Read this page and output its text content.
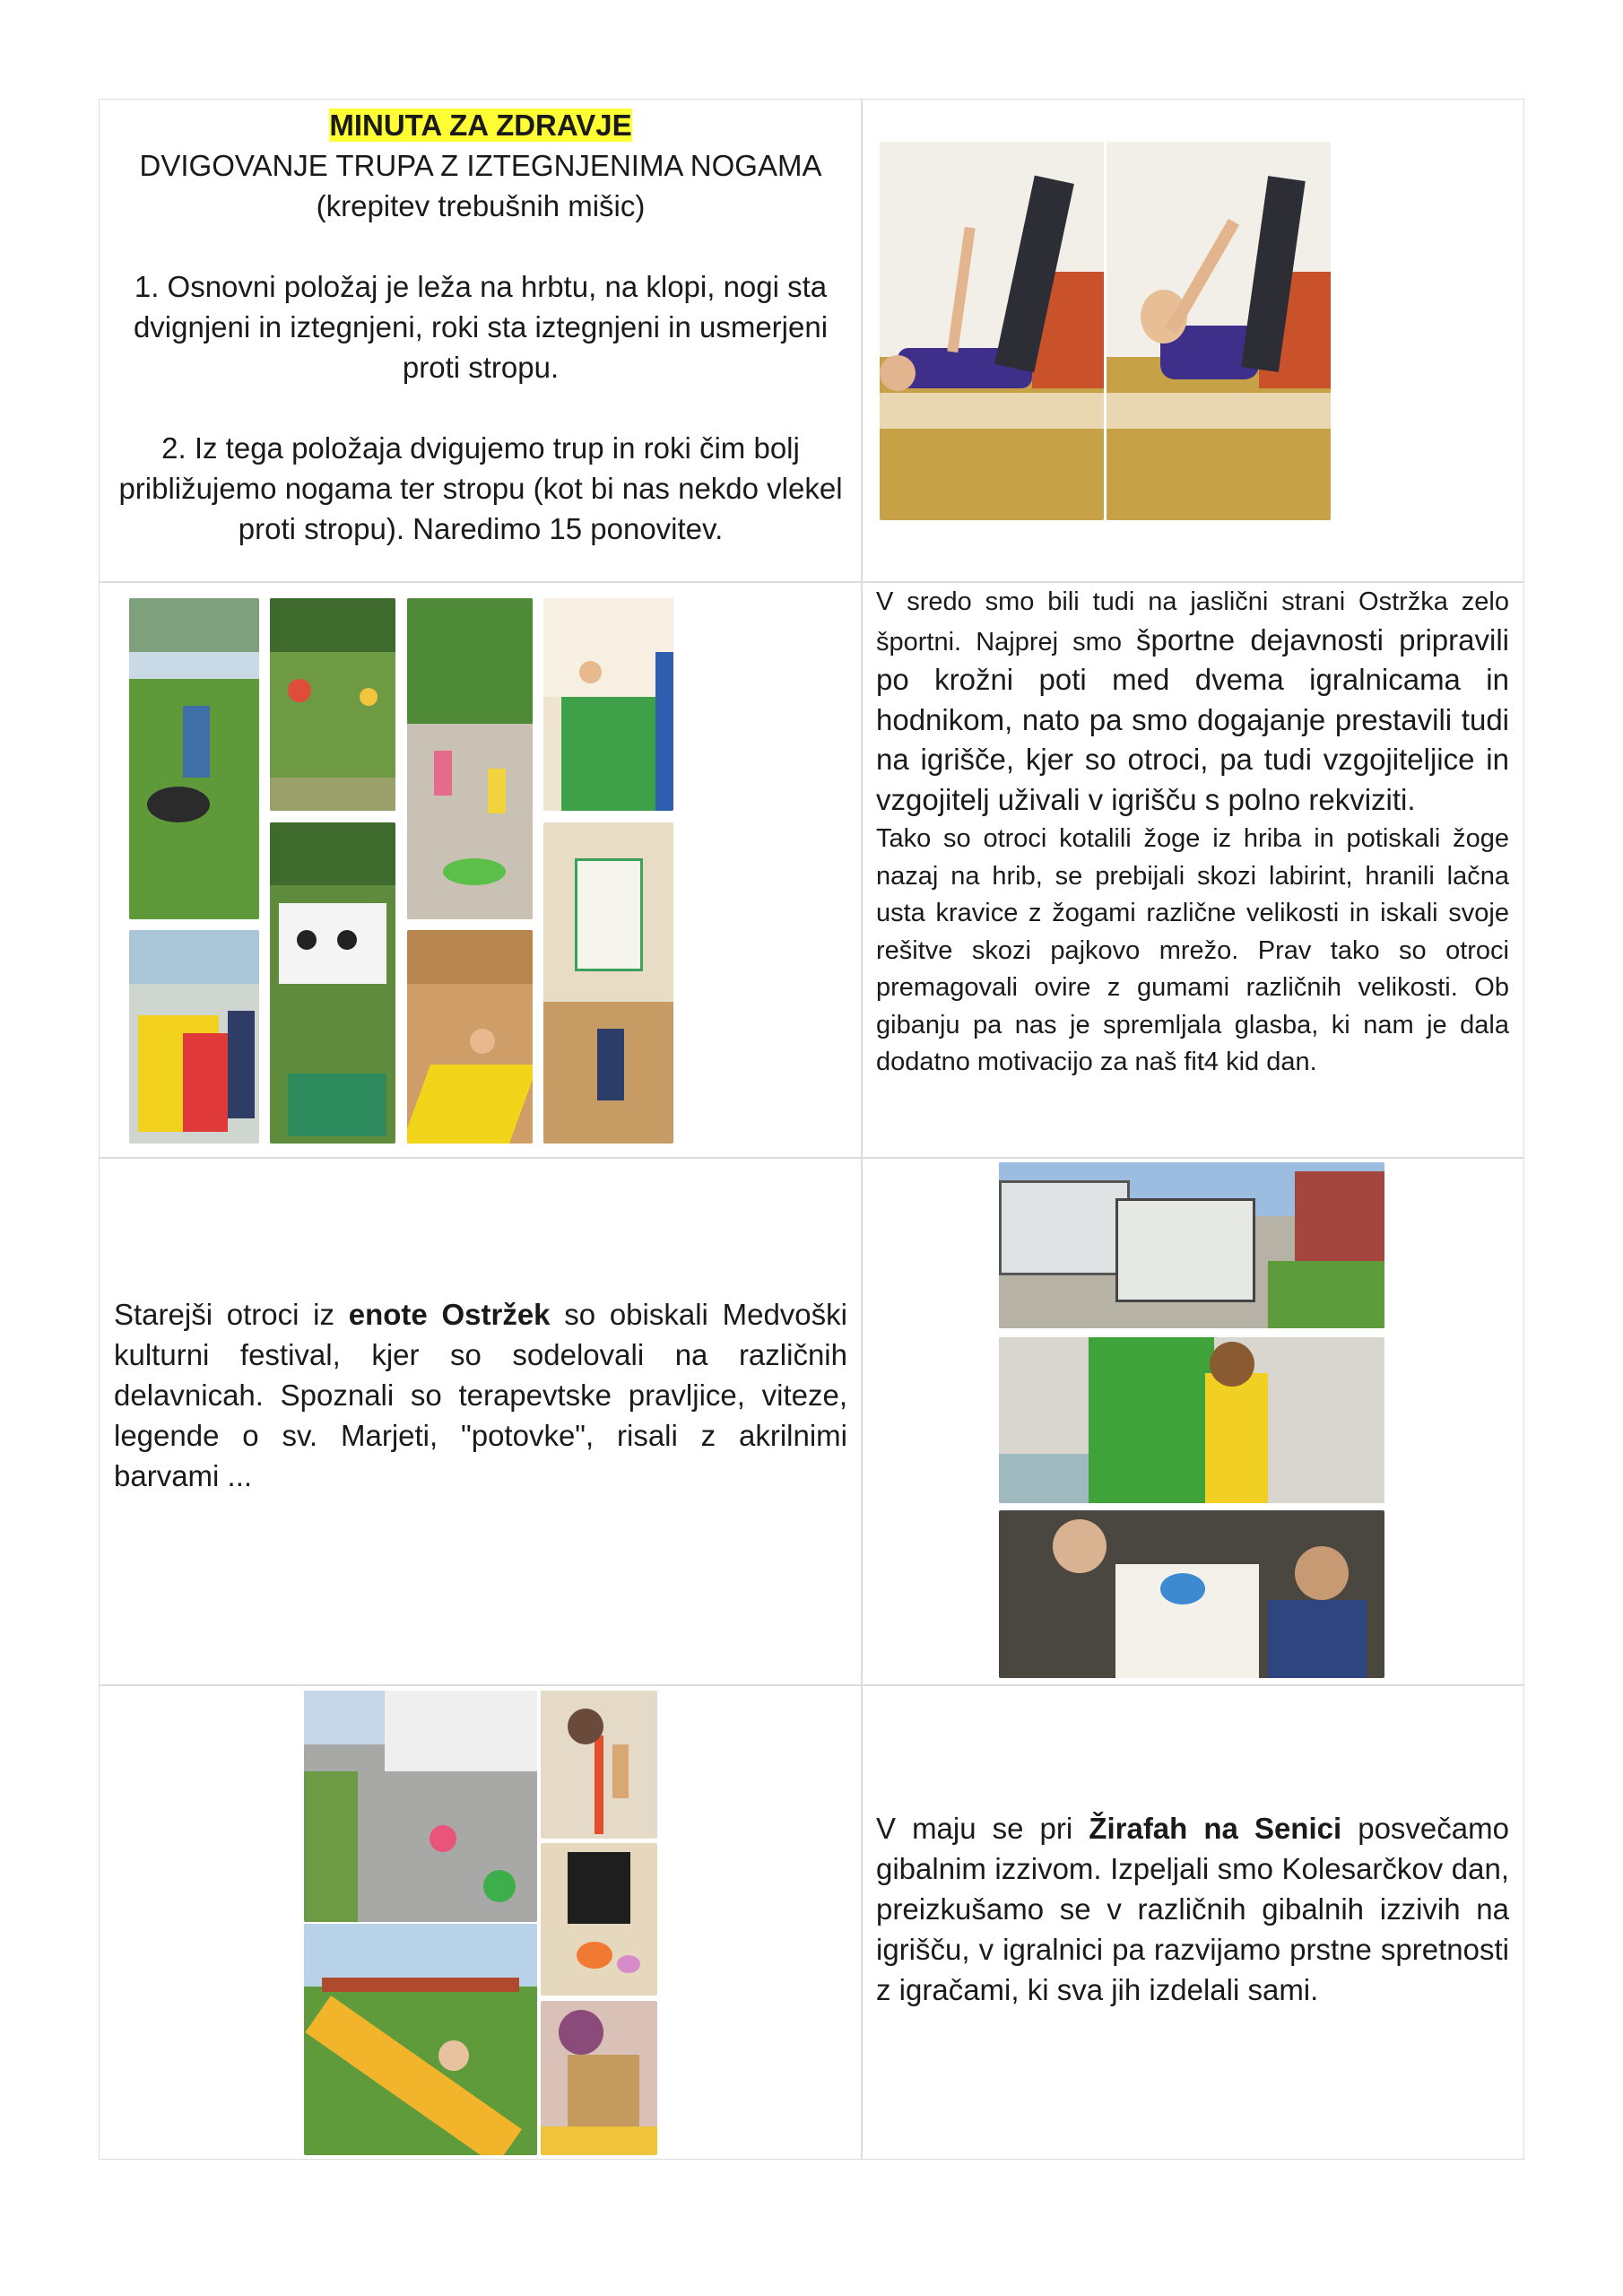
MINUTA ZA ZDRAVJE
DVIGOVANJE TRUPA Z IZTEGNJENIMA NOGAMA
(krepitev trebušnih mišic)
1. Osnovni položaj je leža na hrbtu, na klopi, nogi sta dvignjeni in iztegnjeni, roki sta iztegnjeni in usmerjeni proti stropu.
2. Iz tega položaja dvigujemo trup in roki čim bolj približujemo nogama ter stropu (kot bi nas nekdo vlekel proti stropu). Naredimo 15 ponovitev.
V sredo smo bili tudi na jaslični strani Ostržka zelo športni. Najprej smo športne dejavnosti pripravili po krožni poti med dvema igralnicama in hodnikom, nato pa smo dogajanje prestavili tudi na igrišče, kjer so otroci, pa tudi vzgojiteljice in vzgojitelj uživali v igrišču s polno rekviziti.
Tako so otroci kotalili žoge iz hriba in potiskali žoge nazaj na hrib, se prebijali skozi labirint, hranili lačna usta kravice z žogami različne velikosti in iskali svoje rešitve skozi pajkovo mrežo. Prav tako so otroci premagovali ovire z gumami različnih velikosti. Ob gibanju pa nas je spremljala glasba, ki nam je dala dodatno motivacijo za naš fit4 kid dan.
Starejši otroci iz enote Ostržek so obiskali Medvoški kulturni festival, kjer so sodelovali na različnih delavnicah. Spoznali so terapevtske pravljice, viteze, legende o sv. Marjeti, "potovke", risali z akrilnimi barvami ...
V maju se pri Žirafah na Senici posvečamo gibalnim izzivom. Izpeljali smo Kolesarčkov dan, preizkušamo se v različnih gibalnih izzivih na igrišču, v igralnici pa razvijamo prstne spretnosti z igračami, ki sva jih izdelali sami.
